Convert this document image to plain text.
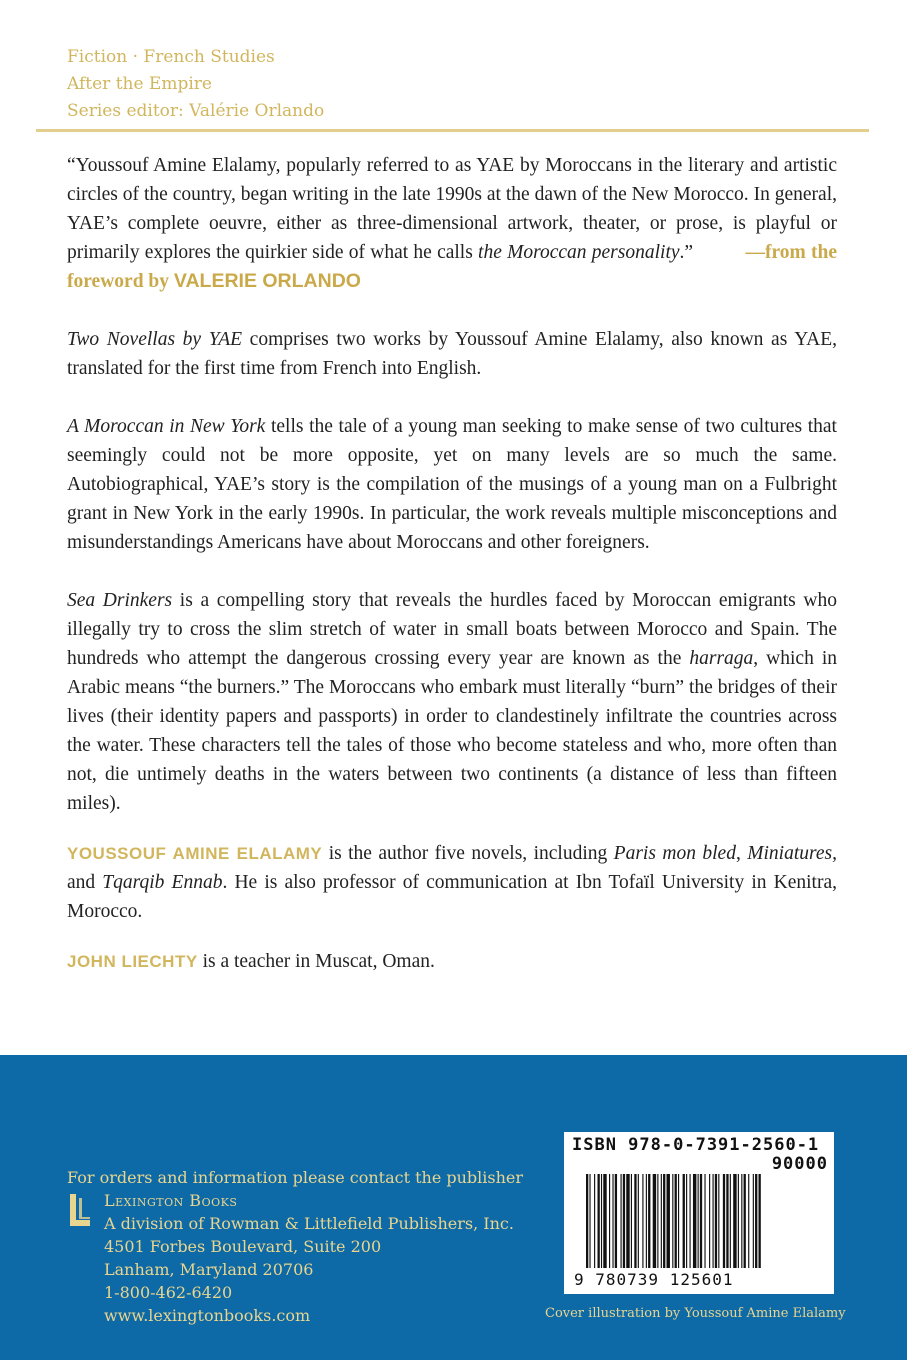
Fiction · French Studies
After the Empire
Series editor: Valérie Orlando

“Youssouf Amine Elalamy, popularly referred to as YAE by Moroccans in the literary and artistic circles of the country, began writing in the late 1990s at the dawn of the New Morocco. In general, YAE’s complete oeuvre, either as three-dimensional artwork, theater, or prose, is playful or primarily explores the quirkier side of what he calls the Moroccan personality.”	—from the foreword by VALERIE ORLANDO

Two Novellas by YAE comprises two works by Youssouf Amine Elalamy, also known as YAE, translated for the first time from French into English.

A Moroccan in New York tells the tale of a young man seeking to make sense of two cultures that seemingly could not be more opposite, yet on many levels are so much the same. Autobiographical, YAE’s story is the compilation of the musings of a young man on a Fulbright grant in New York in the early 1990s. In particular, the work reveals multiple misconceptions and misunderstandings Americans have about Moroccans and other foreigners.

Sea Drinkers is a compelling story that reveals the hurdles faced by Moroccan emigrants who illegally try to cross the slim stretch of water in small boats between Morocco and Spain. The hundreds who attempt the dangerous crossing every year are known as the harraga, which in Arabic means “the burners.” The Moroccans who embark must literally “burn” the bridges of their lives (their identity papers and passports) in order to clandestinely infiltrate the countries across the water. These characters tell the tales of those who become stateless and who, more often than not, die untimely deaths in the waters between two continents (a distance of less than fifteen miles).

YOUSSOUF AMINE ELALAMY is the author five novels, including Paris mon bled, Miniatures, and Tqarqib Ennab. He is also professor of communication at Ibn Tofaïl University in Kenitra, Morocco.

JOHN LIECHTY is a teacher in Muscat, Oman.

For orders and information please contact the publisher
Lexington Books
A division of Rowman & Littlefield Publishers, Inc.
4501 Forbes Boulevard, Suite 200
Lanham, Maryland 20706
1-800-462-6420
www.lexingtonbooks.com
ISBN 978-0-7391-2560-1
90000
9 780739 125601
Cover illustration by Youssouf Amine Elalamy
